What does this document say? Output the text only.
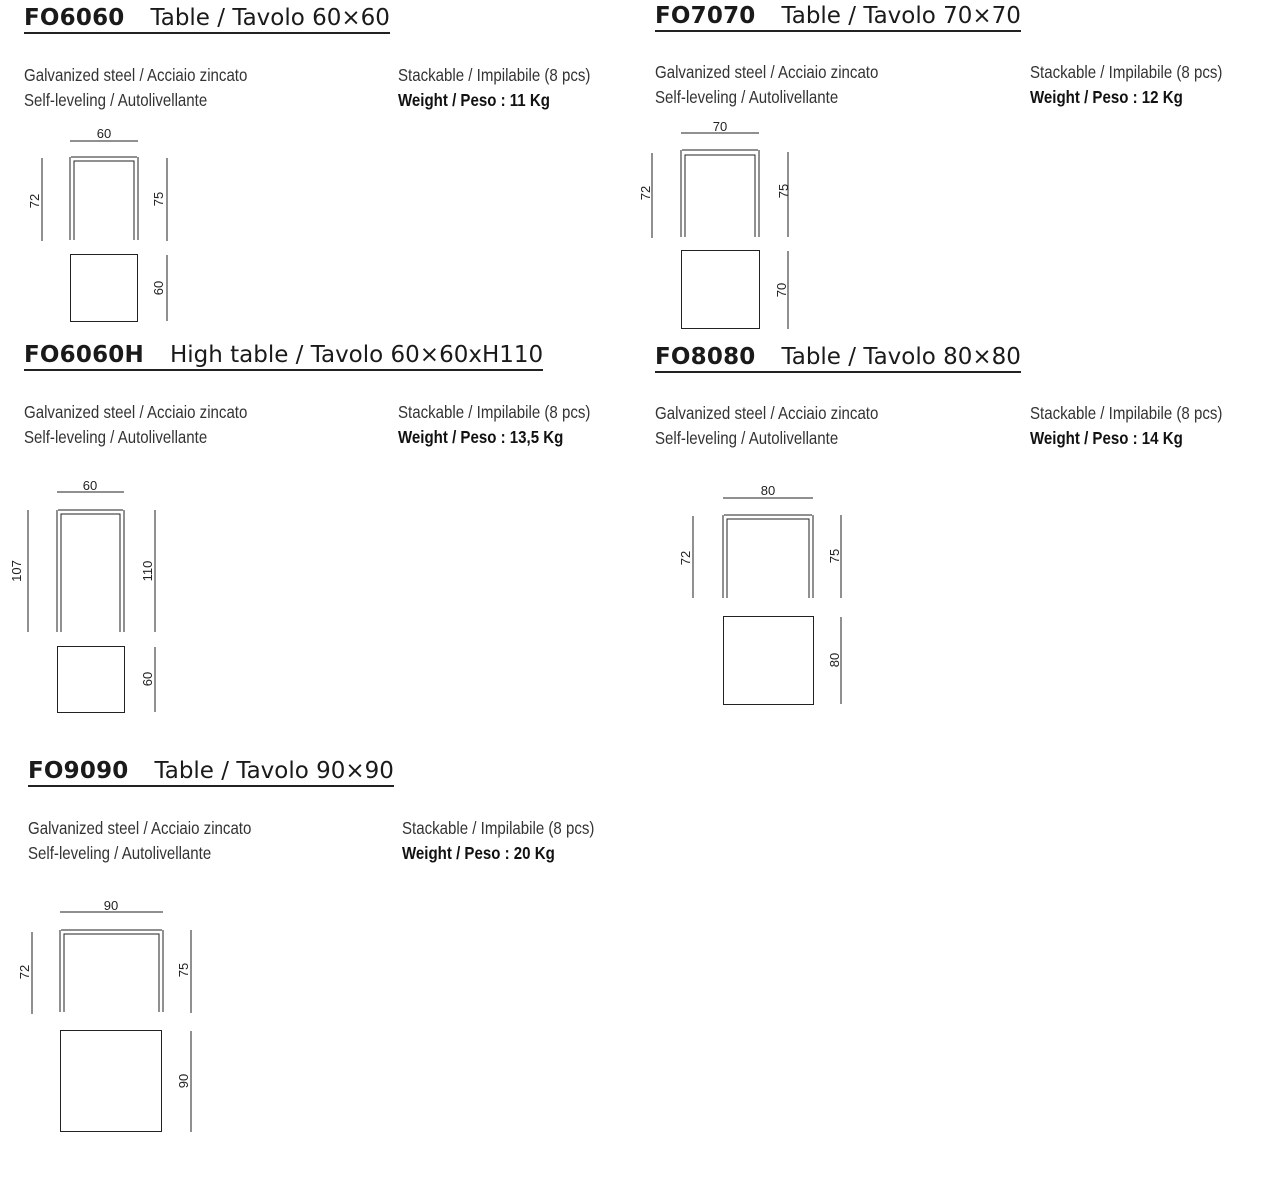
FO6060 Table / Tavolo 60×60
Galvanized steel / Acciaio zincato
Self-leveling / Autolivellante
Stackable / Impilabile (8 pcs)
Weight / Peso : 11 Kg
60
72	75
60
FO7070 Table / Tavolo 70×70
Galvanized steel / Acciaio zincato
Self-leveling / Autolivellante
Stackable / Impilabile (8 pcs)
Weight / Peso : 12 Kg
70
72	75
70
FO6060H High table / Tavolo 60×60xH110
Galvanized steel / Acciaio zincato
Self-leveling / Autolivellante
Stackable / Impilabile (8 pcs)
Weight / Peso : 13,5 Kg
60
107	110
60
FO8080 Table / Tavolo 80×80
Galvanized steel / Acciaio zincato
Self-leveling / Autolivellante
Stackable / Impilabile (8 pcs)
Weight / Peso : 14 Kg
80
72	75
80
FO9090 Table / Tavolo 90×90
Galvanized steel / Acciaio zincato
Self-leveling / Autolivellante
Stackable / Impilabile (8 pcs)
Weight / Peso : 20 Kg
90
72	75
90
